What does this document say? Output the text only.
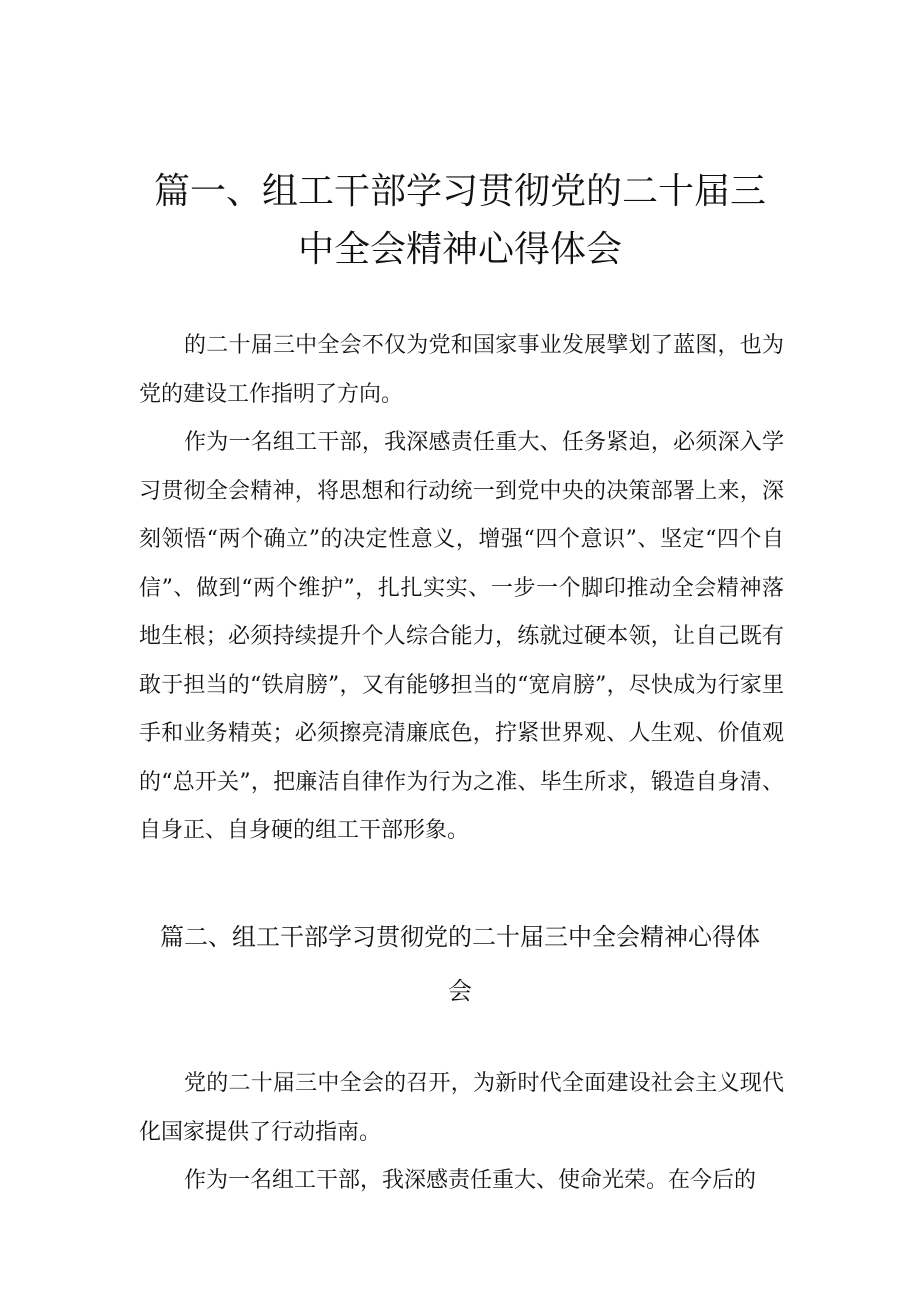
篇一、组工干部学习贯彻党的二十届三中全会精神心得体会

的二十届三中全会不仅为党和国家事业发展擘划了蓝图，也为党的建设工作指明了方向。

作为一名组工干部，我深感责任重大、任务紧迫，必须深入学习贯彻全会精神，将思想和行动统一到党中央的决策部署上来，深刻领悟“两个确立”的决定性意义，增强“四个意识”、坚定“四个自信”、做到“两个维护”，扎扎实实、一步一个脚印推动全会精神落地生根；必须持续提升个人综合能力，练就过硬本领，让自己既有敢于担当的“铁肩膀”，又有能够担当的“宽肩膀”，尽快成为行家里手和业务精英；必须擦亮清廉底色，拧紧世界观、人生观、价值观的“总开关”，把廉洁自律作为行为之准、毕生所求，锻造自身清、自身正、自身硬的组工干部形象。

篇二、组工干部学习贯彻党的二十届三中全会精神心得体会

党的二十届三中全会的召开，为新时代全面建设社会主义现代化国家提供了行动指南。

作为一名组工干部，我深感责任重大、使命光荣。在今后的
